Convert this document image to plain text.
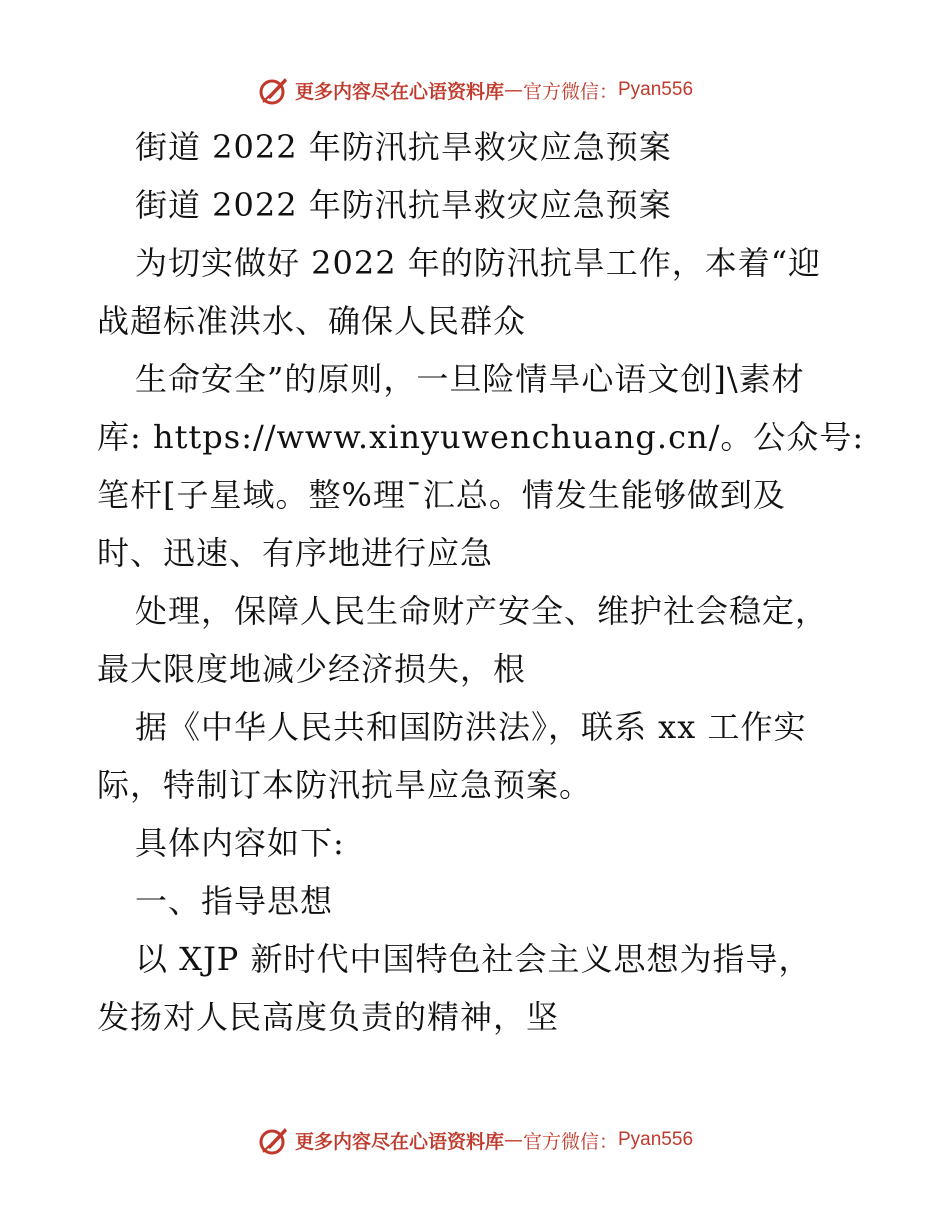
更多内容尽在心语资料库 — 官方微信： Pyan556
街道 2022 年防汛抗旱救灾应急预案
街道 2022 年防汛抗旱救灾应急预案
为切实做好 2022 年的防汛抗旱工作，本着“迎
战超标准洪水、确保人民群众
生命安全”的原则，一旦险情旱心语文创]\素材
库: https://www.xinyuwenchuang.cn/。公众号:
笔杆[子星域。整%理¯汇总。情发生能够做到及
时、迅速、有序地进行应急
处理，保障人民生命财产安全、维护社会稳定，
最大限度地减少经济损失，根
据《中华人民共和国防洪法》，联系 xx 工作实
际，特制订本防汛抗旱应急预案。
具体内容如下:
一、指导思想
以 XJP 新时代中国特色社会主义思想为指导，
发扬对人民高度负责的精神，坚
更多内容尽在心语资料库 — 官方微信： Pyan556
